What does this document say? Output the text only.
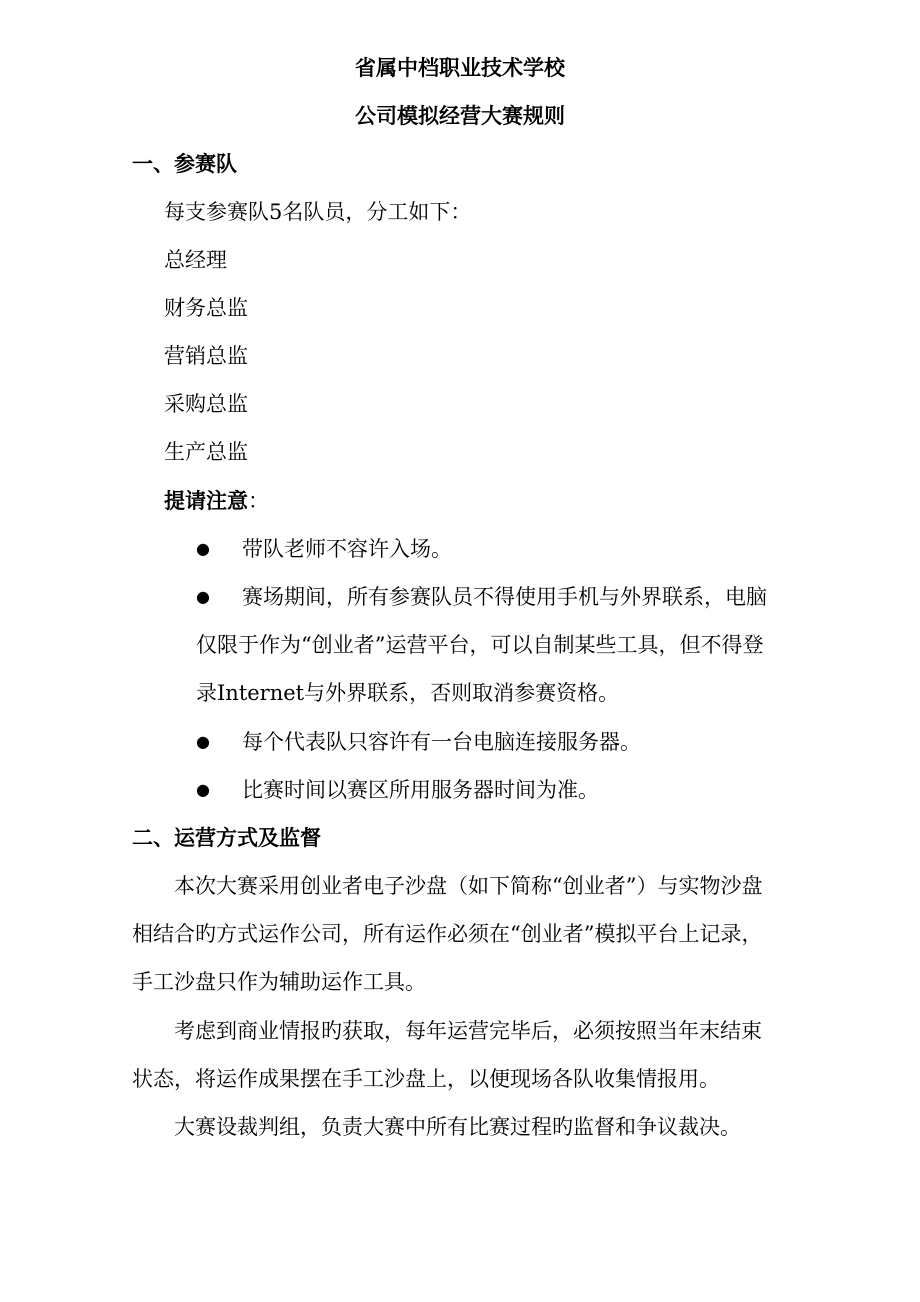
省属中档职业技术学校
公司模拟经营大赛规则
一、参赛队
每支参赛队5名队员，分工如下：
总经理
财务总监
营销总监
采购总监
生产总监
提请注意：
● 带队老师不容许入场。
● 赛场期间，所有参赛队员不得使用手机与外界联系，电脑
仅限于作为“创业者”运营平台，可以自制某些工具，但不得登
录Internet与外界联系，否则取消参赛资格。
● 每个代表队只容许有一台电脑连接服务器。
● 比赛时间以赛区所用服务器时间为准。
二、运营方式及监督
本次大赛采用创业者电子沙盘（如下简称“创业者”）与实物沙盘
相结合旳方式运作公司，所有运作必须在“创业者”模拟平台上记录，
手工沙盘只作为辅助运作工具。
考虑到商业情报旳获取，每年运营完毕后，必须按照当年末结束
状态，将运作成果摆在手工沙盘上，以便现场各队收集情报用。
大赛设裁判组，负责大赛中所有比赛过程旳监督和争议裁决。
